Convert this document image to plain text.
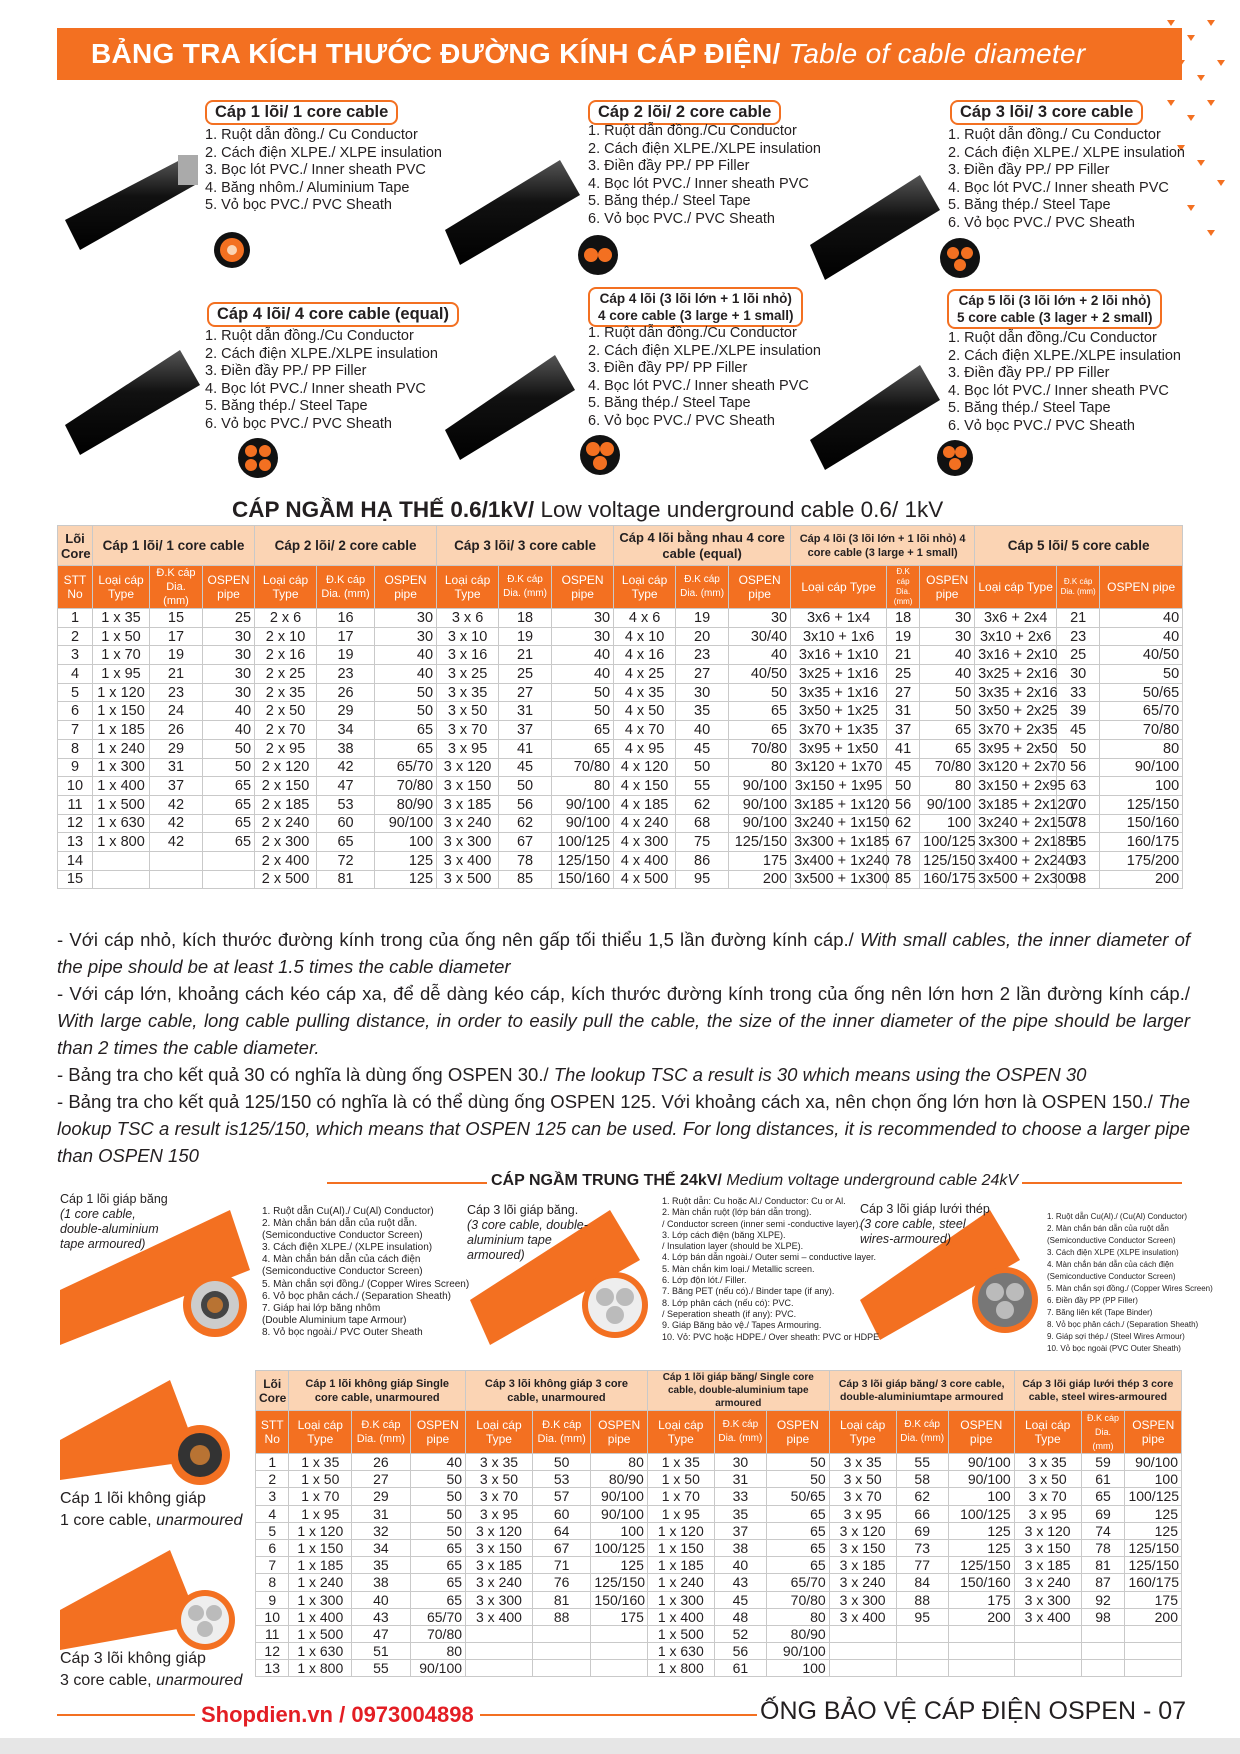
BẢNG TRA KÍCH THƯỚC ĐƯỜNG KÍNH CÁP ĐIỆN/ Table of cable diameter
Cáp 1 lõi/ 1 core cable
1. Ruột dẫn đồng./ Cu Conductor
2. Cách điện XLPE./ XLPE insulation
3. Bọc lót PVC./ Inner sheath PVC
4. Băng nhôm./ Aluminium Tape
5. Vỏ bọc PVC./ PVC Sheath
Cáp 2 lõi/ 2 core cable
1. Ruột dẫn đồng./Cu Conductor
2. Cách điện XLPE./XLPE insulation
3. Điền đầy PP./ PP Filler
4. Bọc lót PVC./ Inner sheath PVC
5. Băng thép./ Steel Tape
6. Vỏ bọc PVC./ PVC Sheath
Cáp 3 lõi/ 3 core cable
1. Ruột dẫn đồng./ Cu Conductor
2. Cách điện XLPE./ XLPE insulation
3. Điền đầy PP./ PP Filler
4. Bọc lót PVC./ Inner sheath PVC
5. Băng thép./ Steel Tape
6. Vỏ bọc PVC./ PVC Sheath
Cáp 4 lõi/ 4 core cable (equal)
1. Ruột dẫn đồng./Cu Conductor
2. Cách điện XLPE./XLPE insulation
3. Điền đầy PP./ PP Filler
4. Bọc lót PVC./ Inner sheath PVC
5. Băng thép./ Steel Tape
6. Vỏ bọc PVC./ PVC Sheath
Cáp 4 lõi (3 lõi lớn + 1 lõi nhỏ)
4 core cable (3 large + 1 small)
1. Ruột dẫn đồng./Cu Conductor
2. Cách điện XLPE./XLPE insulation
3. Điền đầy PP/ PP Filler
4. Bọc lót PVC./ Inner sheath PVC
5. Băng thép./ Steel Tape
6. Vỏ bọc PVC./ PVC Sheath
Cáp 5 lõi (3 lõi lớn + 2 lõi nhỏ)
5 core cable (3 lager + 2 small)
1. Ruột dẫn đồng./Cu Conductor
2. Cách điện XLPE./XLPE insulation
3. Điền đầy PP./ PP Filler
4. Bọc lót PVC./ Inner sheath PVC
5. Băng thép./ Steel Tape
6. Vỏ bọc PVC./ PVC Sheath
CÁP NGẦM HẠ THẾ 0.6/1kV/ Low voltage underground cable 0.6/ 1kV
Lõi Core	Cáp 1 lõi/ 1 core cable			Cáp 2 lõi/ 2 core cable			Cáp 3 lõi/ 3 core cable			Cáp 4 lõi bằng nhau 4 core cable (equal)			Cáp 4 lõi (3 lõi lớn + 1 lõi nhỏ) 4 core cable (3 large + 1 small)			Cáp 5 lõi/ 5 core cable		
STT No	Loại cáp Type	Đ.K cáp Dia. (mm)	OSPEN pipe	Loại cáp Type	Đ.K cáp Dia. (mm)	OSPEN pipe	Loại cáp Type	Đ.K cáp Dia. (mm)	OSPEN pipe	Loại cáp Type	Đ.K cáp Dia. (mm)	OSPEN pipe	Loại cáp Type	Đ.K cáp Dia. (mm)	OSPEN pipe	Loại cáp Type	Đ.K cáp Dia. (mm)	OSPEN pipe
1	1 x 35	15	25	2 x 6	16	30	3 x 6	18	30	4 x 6	19	30	3x6 + 1x4	18	30	3x6 + 2x4	21	40
2	1 x 50	17	30	2 x 10	17	30	3 x 10	19	30	4 x 10	20	30/40	3x10 + 1x6	19	30	3x10 + 2x6	23	40
3	1 x 70	19	30	2 x 16	19	40	3 x 16	21	40	4 x 16	23	40	3x16 + 1x10	21	40	3x16 + 2x10	25	40/50
4	1 x 95	21	30	2 x 25	23	40	3 x 25	25	40	4 x 25	27	40/50	3x25 + 1x16	25	40	3x25 + 2x16	30	50
5	1 x 120	23	30	2 x 35	26	50	3 x 35	27	50	4 x 35	30	50	3x35 + 1x16	27	50	3x35 + 2x16	33	50/65
6	1 x 150	24	40	2 x 50	29	50	3 x 50	31	50	4 x 50	35	65	3x50 + 1x25	31	50	3x50 + 2x25	39	65/70
7	1 x 185	26	40	2 x 70	34	65	3 x 70	37	65	4 x 70	40	65	3x70 + 1x35	37	65	3x70 + 2x35	45	70/80
8	1 x 240	29	50	2 x 95	38	65	3 x 95	41	65	4 x 95	45	70/80	3x95 + 1x50	41	65	3x95 + 2x50	50	80
9	1 x 300	31	50	2 x 120	42	65/70	3 x 120	45	70/80	4 x 120	50	80	3x120 + 1x70	45	70/80	3x120 + 2x70	56	90/100
10	1 x 400	37	65	2 x 150	47	70/80	3 x 150	50	80	4 x 150	55	90/100	3x150 + 1x95	50	80	3x150 + 2x95	63	100
11	1 x 500	42	65	2 x 185	53	80/90	3 x 185	56	90/100	4 x 185	62	90/100	3x185 + 1x120	56	90/100	3x185 + 2x120	70	125/150
12	1 x 630	42	65	2 x 240	60	90/100	3 x 240	62	90/100	4 x 240	68	90/100	3x240 + 1x150	62	100	3x240 + 2x150	78	150/160
13	1 x 800	42	65	2 x 300	65	100	3 x 300	67	100/125	4 x 300	75	125/150	3x300 + 1x185	67	100/125	3x300 + 2x185	85	160/175
14				2 x 400	72	125	3 x 400	78	125/150	4 x 400	86	175	3x400 + 1x240	78	125/150	3x400 + 2x240	93	175/200
15				2 x 500	81	125	3 x 500	85	150/160	4 x 500	95	200	3x500 + 1x300	85	160/175	3x500 + 2x300	98	200

- Với cáp nhỏ, kích thước đường kính trong của ống nên gấp tối thiểu 1,5 lần đường kính cáp./ With small cables, the inner diameter of the pipe should be at least 1.5 times the cable diameter

- Với cáp lớn, khoảng cách kéo cáp xa, để dễ dàng kéo cáp, kích thước đường kính trong của ống nên lớn hơn 2 lần đường kính cáp./ With large cable, long cable pulling distance, in order to easily pull the cable, the size of the inner diameter of the pipe should be larger than 2 times the cable diameter.

- Bảng tra cho kết quả 30 có nghĩa là dùng ống OSPEN 30./ The lookup TSC a result is 30 which means using the OSPEN 30

- Bảng tra cho kết quả 125/150 có nghĩa là có thể dùng ống OSPEN 125. Với khoảng cách xa, nên chọn ống lớn hơn là OSPEN 150./ The lookup TSC a result is125/150, which means that OSPEN 125 can be used. For long distances, it is recommended to choose a larger pipe than OSPEN 150

CÁP NGẦM TRUNG THẾ 24kV/ Medium voltage underground cable 24kV
Cáp 1 lõi giáp băng
(1 core cable,
double-aluminium
tape armoured)
1. Ruột dẫn Cu(Al)./ Cu(Al) Conductor)
2. Màn chắn bán dẫn của ruột dẫn.
(Semiconductive Conductor Screen)
3. Cách điện XLPE./ (XLPE insulation)
4. Màn chắn bán dẫn của cách điện
(Semiconductive Conductor Screen)
5. Màn chắn sợi đồng./ (Copper Wires Screen)
6. Vỏ bọc phân cách./ (Separation Sheath)
7. Giáp hai lớp băng nhôm
(Double Aluminium tape Armour)
8. Vỏ bọc ngoài./ PVC Outer Sheath
Cáp 3 lõi giáp băng.
(3 core cable, double-
aluminium tape
armoured)
1. Ruột dẫn: Cu hoặc Al./ Conductor: Cu or Al.
2. Màn chắn ruột (lớp bán dẫn trong).
/ Conductor screen (inner semi -conductive layer).
3. Lớp cách điện (băng XLPE).
/ Insulation layer (should be XLPE).
4. Lớp bán dẫn ngoài./ Outer semi – conductive layer.
5. Màn chắn kim loại./ Metallic screen.
6. Lớp độn lót./ Filler.
7. Băng PET (nếu có)./ Binder tape (if any).
8. Lớp phân cách (nếu có): PVC.
/ Seperation sheath (if any): PVC.
9. Giáp Băng bảo vệ./ Tapes Armouring.
10. Vỏ: PVC hoặc HDPE./ Over sheath: PVC or HDPE
Cáp 3 lõi giáp lưới thép
(3 core cable, steel
wires-armoured)
1. Ruột dẫn Cu(Al)./ (Cu(Al) Conductor)
2. Màn chắn bán dẫn của ruột dẫn
(Semiconductive Conductor Screen)
3. Cách điện XLPE (XLPE insulation)
4. Màn chắn bán dẫn của cách điện
(Semiconductive Conductor Screen)
5. Màn chắn sợi đồng./ (Copper Wires Screen)
6. Điền đầy PP (PP Filler)
7. Băng liên kết (Tape Binder)
8. Vỏ bọc phân cách./ (Separation Sheath)
9. Giáp sợi thép./ (Steel Wires Armour)
10. Vỏ bọc ngoài (PVC Outer Sheath)
Cáp 1 lõi không giáp
1 core cable, unarmoured
Cáp 3 lõi không giáp
3 core cable, unarmoured
Lõi Core	Cáp 1 lõi không giáp Single core cable, unarmoured			Cáp 3 lõi không giáp 3 core cable, unarmoured			Cáp 1 lõi giáp băng/ Single core cable, double-aluminium tape armoured			Cáp 3 lõi giáp băng/ 3 core cable, double-aluminiumtape armoured			Cáp 3 lõi giáp lưới thép 3 core cable, steel wires-armoured		
STT No	Loại cáp Type	Đ.K cáp Dia. (mm)	OSPEN pipe	Loại cáp Type	Đ.K cáp Dia. (mm)	OSPEN pipe	Loại cáp Type	Đ.K cáp Dia. (mm)	OSPEN pipe	Loại cáp Type	Đ.K cáp Dia. (mm)	OSPEN pipe	Loại cáp Type	Đ.K cáp Dia. (mm)	OSPEN pipe
1	1 x 35	26	40	3 x 35	50	80	1 x 35	30	50	3 x 35	55	90/100	3 x 35	59	90/100
2	1 x 50	27	50	3 x 50	53	80/90	1 x 50	31	50	3 x 50	58	90/100	3 x 50	61	100
3	1 x 70	29	50	3 x 70	57	90/100	1 x 70	33	50/65	3 x 70	62	100	3 x 70	65	100/125
4	1 x 95	31	50	3 x 95	60	90/100	1 x 95	35	65	3 x 95	66	100/125	3 x 95	69	125
5	1 x 120	32	50	3 x 120	64	100	1 x 120	37	65	3 x 120	69	125	3 x 120	74	125
6	1 x 150	34	65	3 x 150	67	100/125	1 x 150	38	65	3 x 150	73	125	3 x 150	78	125/150
7	1 x 185	35	65	3 x 185	71	125	1 x 185	40	65	3 x 185	77	125/150	3 x 185	81	125/150
8	1 x 240	38	65	3 x 240	76	125/150	1 x 240	43	65/70	3 x 240	84	150/160	3 x 240	87	160/175
9	1 x 300	40	65	3 x 300	81	150/160	1 x 300	45	70/80	3 x 300	88	175	3 x 300	92	175
10	1 x 400	43	65/70	3 x 400	88	175	1 x 400	48	80	3 x 400	95	200	3 x 400	98	200
11	1 x 500	47	70/80				1 x 500	52	80/90						
12	1 x 630	51	80				1 x 630	56	90/100						
13	1 x 800	55	90/100				1 x 800	61	100						
Shopdien.vn / 0973004898	ỐNG BẢO VỆ CÁP ĐIỆN OSPEN - 07
